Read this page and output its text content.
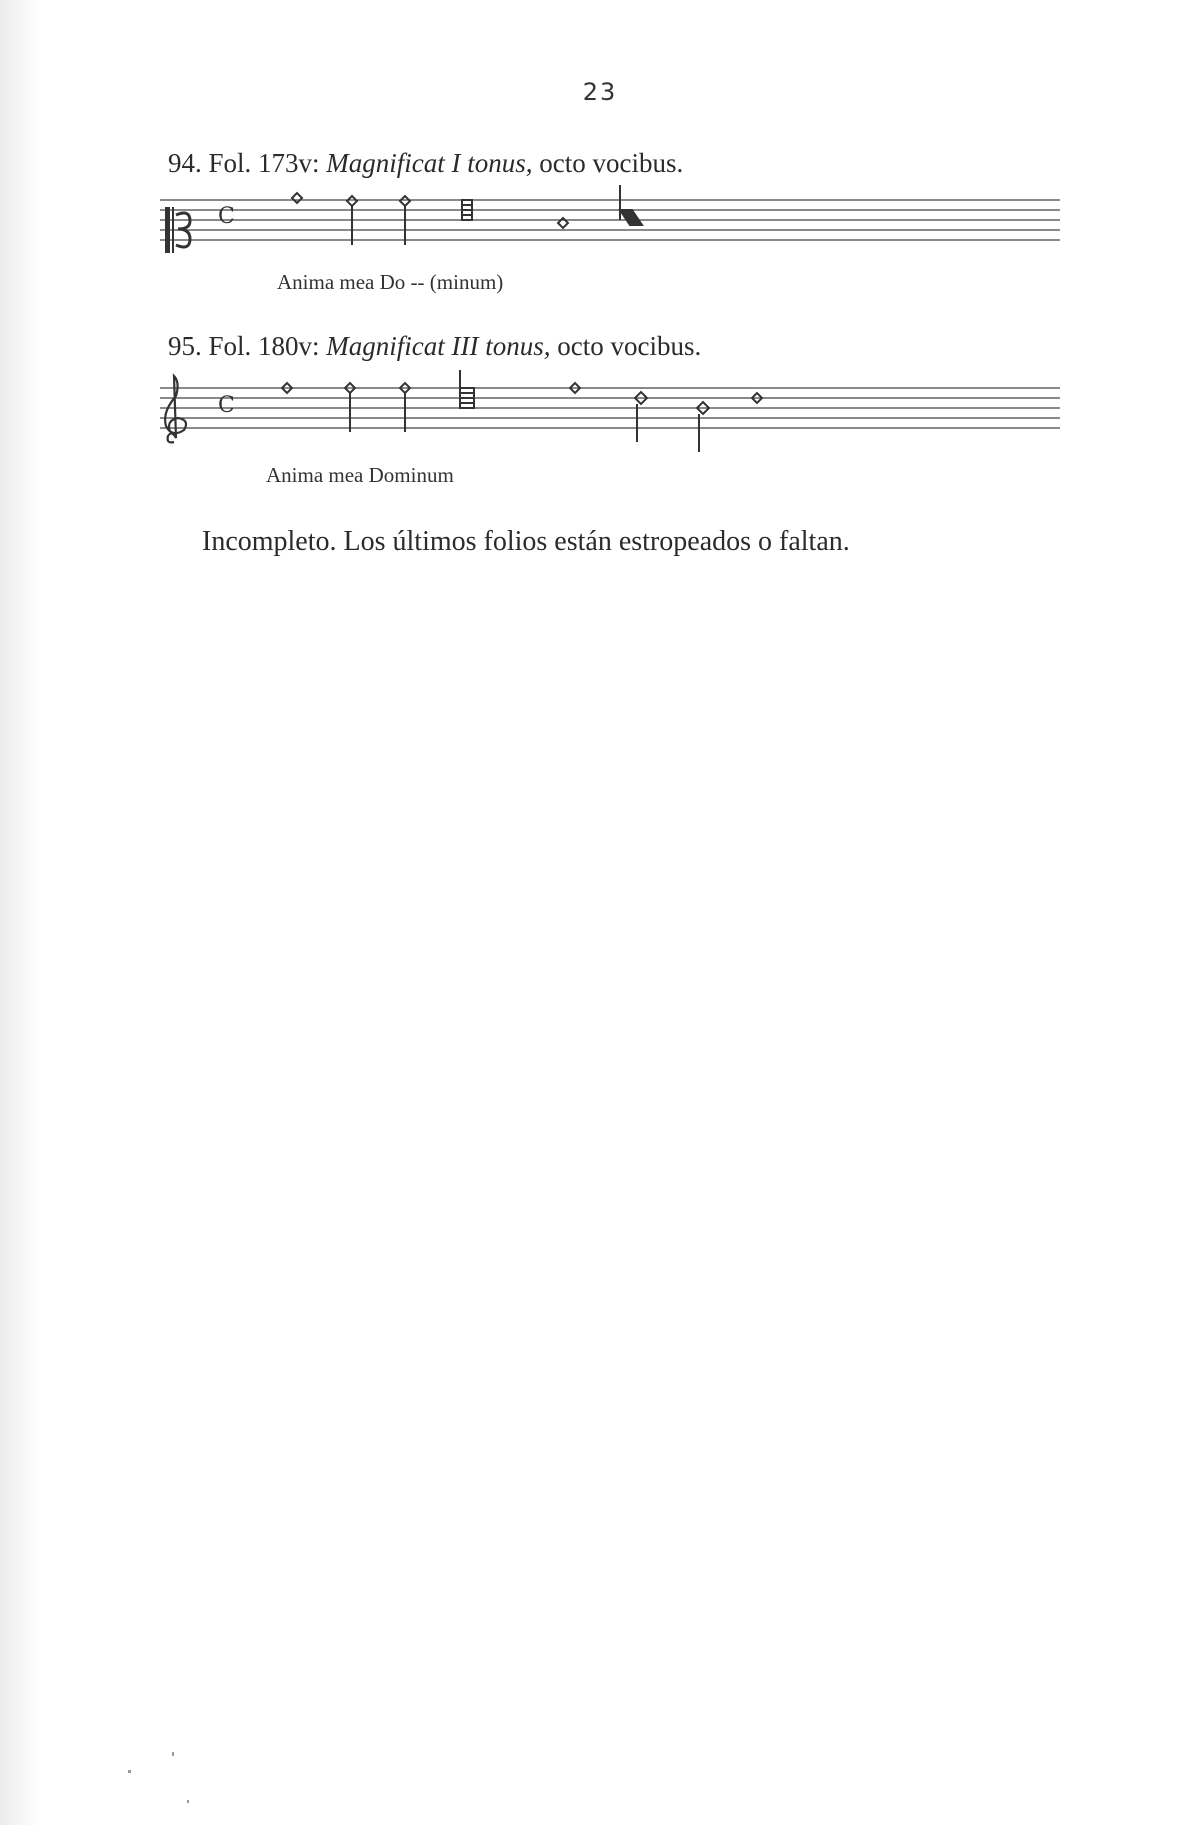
23
94. Fol. 173v: Magnificat I tonus, octo vocibus.
C
Anima mea Do -- (minum)
95. Fol. 180v: Magnificat III tonus, octo vocibus.
C
Anima mea Dominum
Incompleto. Los últimos folios están estropeados o faltan.
